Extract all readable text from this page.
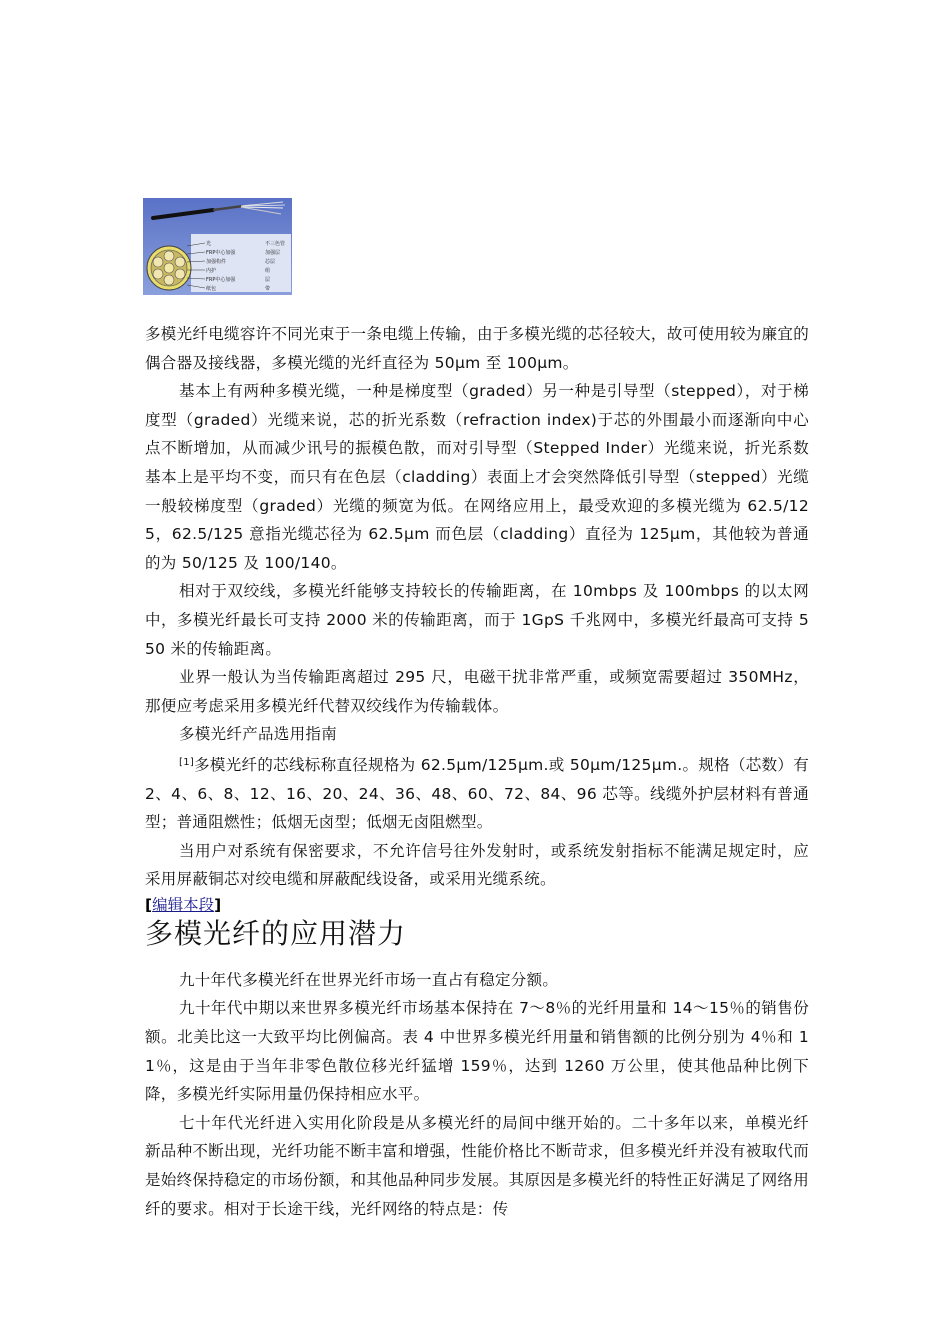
光
FRP中心加强
加强构件
内护
FRP中心加强
纸包
不三色管
加强层
芯层
组
层
带

多模光纤电缆容许不同光束于一条电缆上传输，由于多模光缆的芯径较大，故可使用较为廉宜的偶合器及接线器，多模光缆的光纤直径为 50μm 至 100μm。

基本上有两种多模光缆，一种是梯度型（graded）另一种是引导型（stepped），对于梯度型（graded）光缆来说，芯的折光系数（refraction index)于芯的外围最小而逐渐向中心点不断增加，从而减少讯号的振模色散，而对引导型（Stepped Inder）光缆来说，折光系数基本上是平均不变，而只有在色层（cladding）表面上才会突然降低引导型（stepped）光缆一般较梯度型（graded）光缆的频宽为低。在网络应用上，最受欢迎的多模光缆为 62.5/125，62.5/125 意指光缆芯径为 62.5μm 而色层（cladding）直径为 125μm，其他较为普通的为 50/125 及 100/140。

相对于双绞线，多模光纤能够支持较长的传输距离，在 10mbps 及 100mbps 的以太网中，多模光纤最长可支持 2000 米的传输距离，而于 1GpS 千兆网中，多模光纤最高可支持 550 米的传输距离。

业界一般认为当传输距离超过 295 尺，电磁干扰非常严重，或频宽需要超过 350MHz，那便应考虑采用多模光纤代替双绞线作为传输载体。

多模光纤产品选用指南

[1]多模光纤的芯线标称直径规格为 62.5μm/125μm.或 50μm/125μm.。规格（芯数）有 2、4、6、8、12、16、20、24、36、48、60、72、84、96 芯等。线缆外护层材料有普通型；普通阻燃性；低烟无卤型；低烟无卤阻燃型。

当用户对系统有保密要求，不允许信号往外发射时，或系统发射指标不能满足规定时，应采用屏蔽铜芯对绞电缆和屏蔽配线设备，或采用光缆系统。

[编辑本段]
多模光纤的应用潜力

九十年代多模光纤在世界光纤市场一直占有稳定分额。

九十年代中期以来世界多模光纤市场基本保持在 7～8％的光纤用量和 14～15％的销售份额。北美比这一大致平均比例偏高。表 4 中世界多模光纤用量和销售额的比例分别为 4％和 11％，这是由于当年非零色散位移光纤猛增 159％，达到 1260 万公里，使其他品种比例下降，多模光纤实际用量仍保持相应水平。

七十年代光纤进入实用化阶段是从多模光纤的局间中继开始的。二十多年以来，单模光纤新品种不断出现，光纤功能不断丰富和增强，性能价格比不断苛求，但多模光纤并没有被取代而是始终保持稳定的市场份额，和其他品种同步发展。其原因是多模光纤的特性正好满足了网络用纤的要求。相对于长途干线，光纤网络的特点是：传
